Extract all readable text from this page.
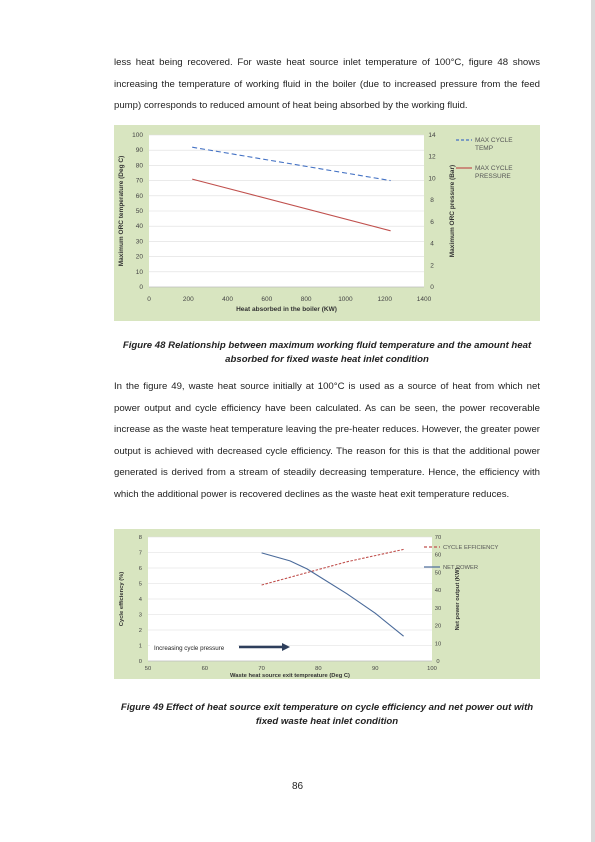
less heat being recovered. For waste heat source inlet temperature of 100°C, figure 48 shows increasing the temperature of working fluid in the boiler (due to increased pressure from the feed pump) corresponds to reduced amount of heat being absorbed by the working fluid.

0
10
20
30
40
50
60
70
80
90
100
0
2
4
6
8
10
12
14
0	200	400	600	800	1000	1200	1400
Heat absorbed in the boiler (KW)
Maximum ORC temperature (Deg C)	Maximum ORC pressure (Bar)
MAX CYCLE
TEMP
MAX CYCLE
PRESSURE

Figure 48 Relationship between maximum working fluid temperature and the amount heat absorbed for fixed waste heat inlet condition

In the figure 49, waste heat source initially at 100°C is used as a source of heat from which net power output and cycle efficiency have been calculated. As can be seen, the power recoverable increase as the waste heat temperature leaving the pre-heater reduces. However, the greater power output is achieved with decreased cycle efficiency. The reason for this is that the additional power generated is derived from a stream of steadily decreasing temperature. Hence, the efficiency with which the additional power is recovered declines as the waste heat exit temperature reduces.

0
1
2
3
4
5
6
7
8
0
10
20
30
40
50
60
70
50	60	70	80	90	100
Waste heat source exit tempreature (Deg C)
Cycle efficiency (%)	Net power output (KW)
CYCLE EFFICIENCY
NET POWER
Increasing cycle pressure

Figure 49 Effect of heat source exit temperature on cycle efficiency and net power out with fixed waste heat inlet condition

86
